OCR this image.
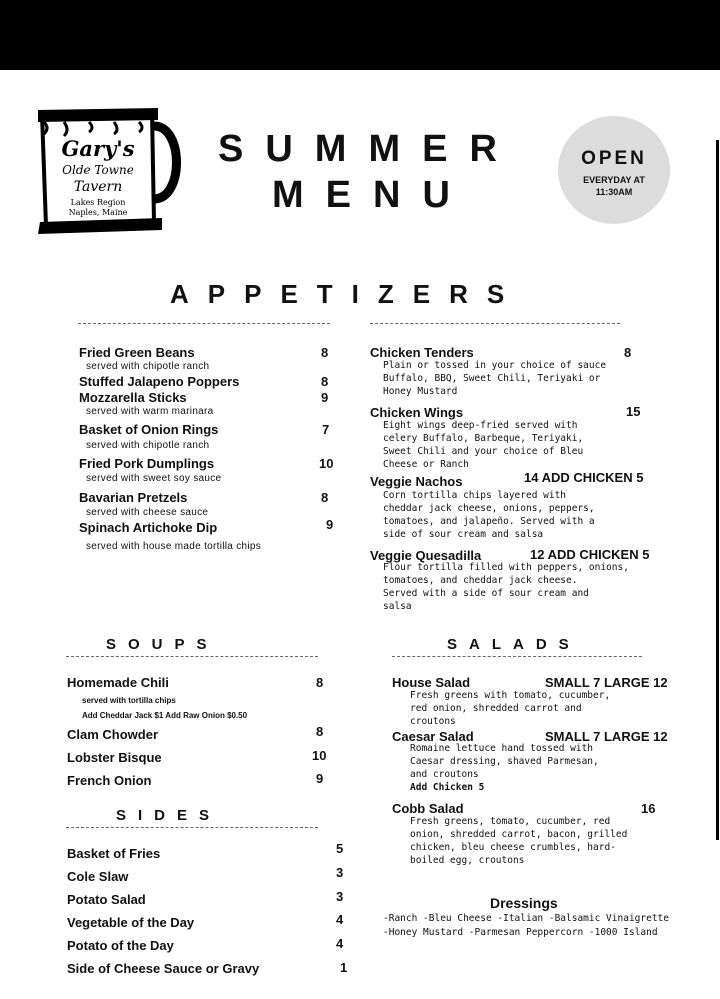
Gary's
Olde Towne
Tavern
Lakes Region
Naples, Maine
SUMMER
MENU
OPEN
EVERYDAY AT
11:30AM
APPETIZERS
Fried Green Beans	8
served with chipotle ranch
Stuffed Jalapeno Poppers	8
Mozzarella Sticks	9
served with warm marinara
Basket of Onion Rings	7
served with chipotle ranch
Fried Pork Dumplings	10
served with sweet soy sauce
Bavarian Pretzels	8
served with cheese sauce
Spinach Artichoke Dip	9
served with house made tortilla chips
Chicken Tenders	8
Plain or tossed in your choice of sauce
Buffalo, BBQ, Sweet Chili, Teriyaki or
Honey Mustard
Chicken Wings	15
Eight wings deep-fried served with
celery Buffalo, Barbeque, Teriyaki,
Sweet Chili and your choice of Bleu
Cheese or Ranch
Veggie Nachos	14 ADD CHICKEN 5
Corn tortilla chips layered with
cheddar jack cheese, onions, peppers,
tomatoes, and jalapeño. Served with a
side of sour cream and salsa
Veggie Quesadilla	12 ADD CHICKEN 5
Flour tortilla filled with peppers, onions,
tomatoes, and cheddar jack cheese.
Served with a side of sour cream and
salsa
SOUPS
Homemade Chili	8
served with tortilla chips
Add Cheddar Jack $1 Add Raw Onion $0.50
Clam Chowder	8
Lobster Bisque	10
French Onion	9
SIDES
Basket of Fries	5
Cole Slaw	3
Potato Salad	3
Vegetable of the Day	4
Potato of the Day	4
Side of Cheese Sauce or Gravy	1
SALADS
House Salad	SMALL 7 LARGE 12
Fresh greens with tomato, cucumber,
red onion, shredded carrot and
croutons
Caesar Salad	SMALL 7 LARGE 12
Romaine lettuce hand tossed with
Caesar dressing, shaved Parmesan,
and croutons
Add Chicken 5
Cobb Salad	16
Fresh greens, tomato, cucumber, red
onion, shredded carrot, bacon, grilled
chicken, bleu cheese crumbles, hard-
boiled egg, croutons
Dressings
-Ranch -Bleu Cheese -Italian -Balsamic Vinaigrette
-Honey Mustard -Parmesan Peppercorn -1000 Island
